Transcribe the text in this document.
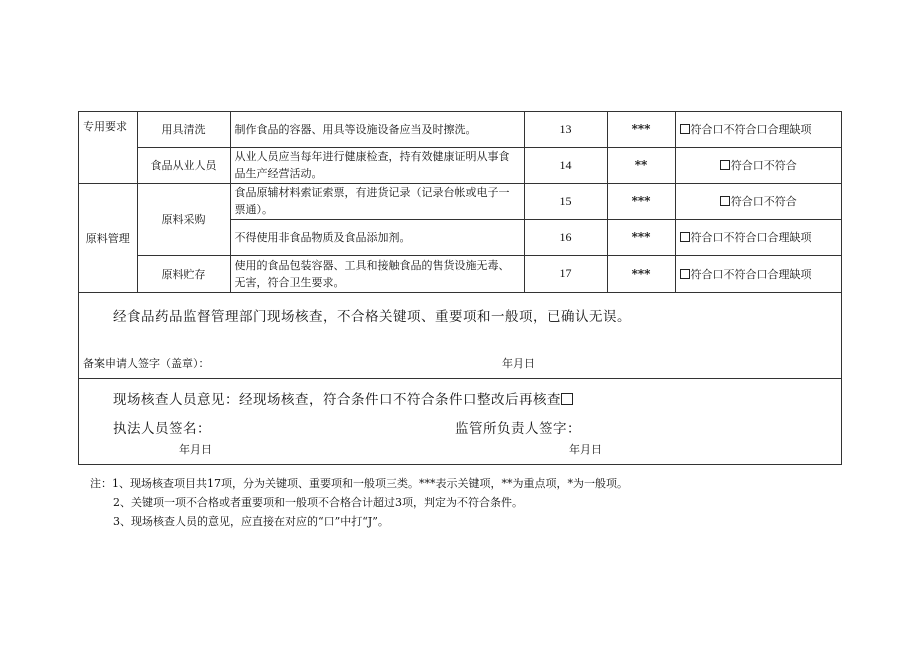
专用要求	用具清洗	制作食品的容器、用具等设施设备应当及时擦洗。	13	***	符合口不符合口合理缺项
	食品从业人员	从业人员应当每年进行健康检查，持有效健康证明从事食品生产经营活动。	14	**	符合口不符合
原料管理	原料采购	食品原辅材料索证索票，有进货记录（记录台帐或电子一票通）。	15	***	符合口不符合
		不得使用非食品物质及食品添加剂。	16	***	符合口不符合口合理缺项
	原料贮存	使用的食品包装容器、工具和接触食品的售货设施无毒、无害，符合卫生要求。	17	***	符合口不符合口合理缺项
经食品药品监督管理部门现场核查，不合格关键项、重要项和一般项，已确认无误。
备案申请人签字（盖章）：	年月日
现场核查人员意见：经现场核查，符合条件口不符合条件口整改后再核查
执法人员签名：	监管所负责人签字：
年月日	年月日
注：1、现场核查项目共17项，分为关键项、重要项和一般项三类。***表示关键项，**为重点项，*为一般项。
2、关键项一项不合格或者重要项和一般项不合格合计超过3项，判定为不符合条件。
3、现场核查人员的意见，应直接在对应的“口”中打“J”。
